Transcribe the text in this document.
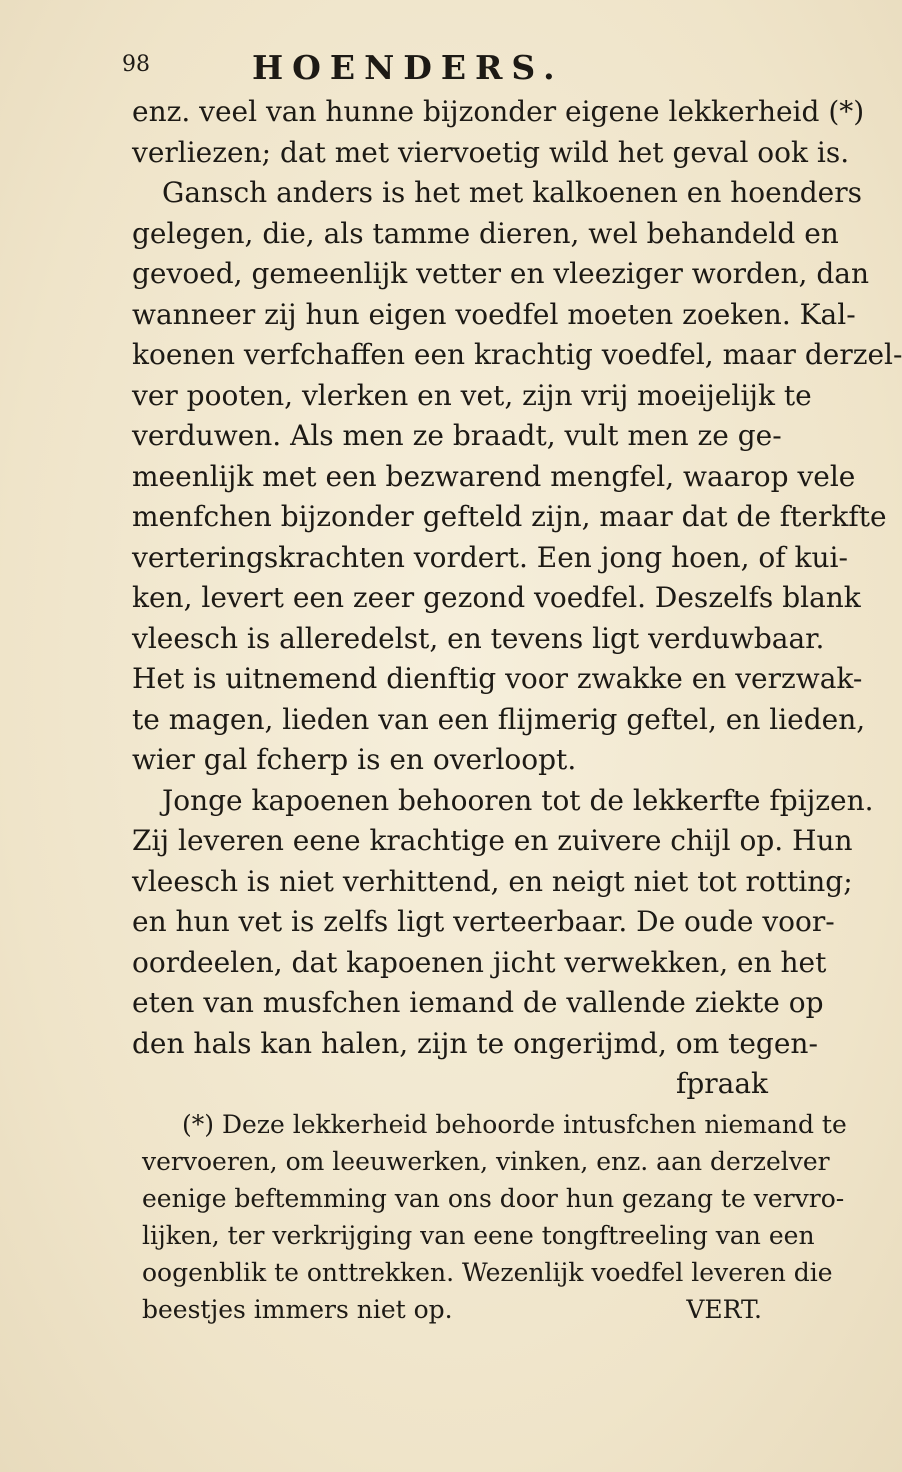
98	HOENDERS.
enz. veel van hunne bijzonder eigene lekkerheid (*)
verliezen; dat met viervoetig wild het geval ook is.
Gansch anders is het met kalkoenen en hoenders
gelegen, die, als tamme dieren, wel behandeld en
gevoed, gemeenlijk vetter en vleeziger worden, dan
wanneer zij hun eigen voedfel moeten zoeken. Kal-
koenen verfchaffen een krachtig voedfel, maar derzel-
ver pooten, vlerken en vet, zijn vrij moeijelijk te
verduwen. Als men ze braadt, vult men ze ge-
meenlijk met een bezwarend mengfel, waarop vele
menfchen bijzonder gefteld zijn, maar dat de fterkfte
verteringskrachten vordert. Een jong hoen, of kui-
ken, levert een zeer gezond voedfel. Deszelfs blank
vleesch is alleredelst, en tevens ligt verduwbaar.
Het is uitnemend dienftig voor zwakke en verzwak-
te magen, lieden van een flijmerig geftel, en lieden,
wier gal fcherp is en overloopt.
Jonge kapoenen behooren tot de lekkerfte fpijzen.
Zij leveren eene krachtige en zuivere chijl op. Hun
vleesch is niet verhittend, en neigt niet tot rotting;
en hun vet is zelfs ligt verteerbaar. De oude voor-
oordeelen, dat kapoenen jicht verwekken, en het
eten van musfchen iemand de vallende ziekte op
den hals kan halen, zijn te ongerijmd, om tegen-
fpraak
(*) Deze lekkerheid behoorde intusfchen niemand te
vervoeren, om leeuwerken, vinken, enz. aan derzelver
eenige beftemming van ons door hun gezang te vervro-
lijken, ter verkrijging van eene tongftreeling van een
oogenblik te onttrekken. Wezenlijk voedfel leveren die
beestjes immers niet op.	VERT.
